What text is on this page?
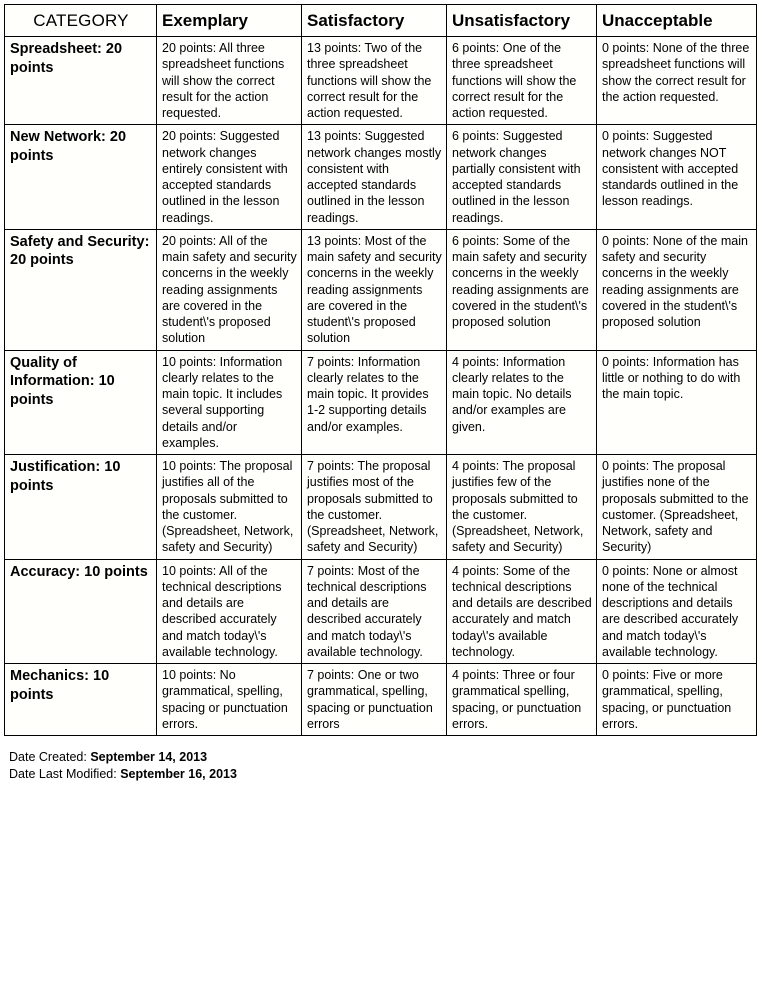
CATEGORY	Exemplary	Satisfactory	Unsatisfactory	Unacceptable
Spreadsheet: 20 points	20 points: All three spreadsheet functions will show the correct result for the action requested.	13 points: Two of the three spreadsheet functions will show the correct result for the action requested.	6 points: One of the three spreadsheet functions will show the correct result for the action requested.	0 points: None of the three spreadsheet functions will show the correct result for the action requested.
New Network: 20 points	20 points: Suggested network changes entirely consistent with accepted standards outlined in the lesson readings.	13 points: Suggested network changes mostly consistent with accepted standards outlined in the lesson readings.	6 points: Suggested network changes partially consistent with accepted standards outlined in the lesson readings.	0 points: Suggested network changes NOT consistent with accepted standards outlined in the lesson readings.
Safety and Security: 20 points	20 points: All of the main safety and security concerns in the weekly reading assignments are covered in the student\'s proposed solution	13 points: Most of the main safety and security concerns in the weekly reading assignments are covered in the student\'s proposed solution	6 points: Some of the main safety and security concerns in the weekly reading assignments are covered in the student\'s proposed solution	0 points: None of the main safety and security concerns in the weekly reading assignments are covered in the student\'s proposed solution
Quality of Information: 10 points	10 points: Information clearly relates to the main topic. It includes several supporting details and/or examples.	7 points: Information clearly relates to the main topic. It provides 1-2 supporting details and/or examples.	4 points: Information clearly relates to the main topic. No details and/or examples are given.	0 points: Information has little or nothing to do with the main topic.
Justification: 10 points	10 points: The proposal justifies all of the proposals submitted to the customer. (Spreadsheet, Network, safety and Security)	7 points: The proposal justifies most of the proposals submitted to the customer. (Spreadsheet, Network, safety and Security)	4 points: The proposal justifies few of the proposals submitted to the customer. (Spreadsheet, Network, safety and Security)	0 points: The proposal justifies none of the proposals submitted to the customer. (Spreadsheet, Network, safety and Security)
Accuracy: 10 points	10 points: All of the technical descriptions and details are described accurately and match today\'s available technology.	7 points: Most of the technical descriptions and details are described accurately and match today\'s available technology.	4 points: Some of the technical descriptions and details are described accurately and match today\'s available technology.	0 points: None or almost none of the technical descriptions and details are described accurately and match today\'s available technology.
Mechanics: 10 points	10 points: No grammatical, spelling, spacing or punctuation errors.	7 points: One or two grammatical, spelling, spacing or punctuation errors	4 points: Three or four grammatical spelling, spacing, or punctuation errors.	0 points: Five or more grammatical, spelling, spacing, or punctuation errors.
Date Created: September 14, 2013
Date Last Modified: September 16, 2013
